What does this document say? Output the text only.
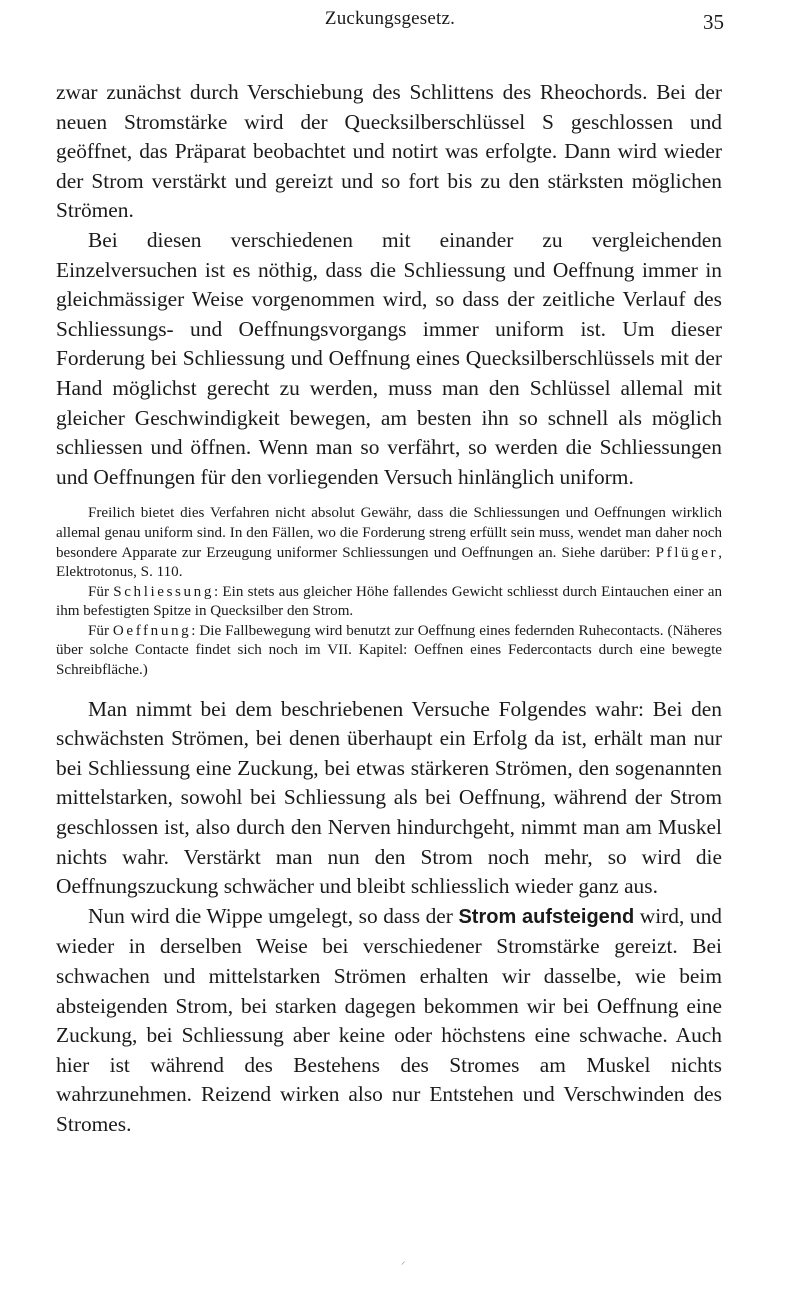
Zuckungsgesetz.	35

zwar zunächst durch Verschiebung des Schlittens des Rheochords. Bei der neuen Stromstärke wird der Quecksilberschlüssel S geschlossen und geöffnet, das Präparat beobachtet und notirt was erfolgte. Dann wird wieder der Strom verstärkt und gereizt und so fort bis zu den stärksten möglichen Strömen.

Bei diesen verschiedenen mit einander zu vergleichenden Einzelversuchen ist es nöthig, dass die Schliessung und Oeffnung immer in gleichmässiger Weise vorgenommen wird, so dass der zeitliche Verlauf des Schliessungs- und Oeffnungsvorgangs immer uniform ist. Um dieser Forderung bei Schliessung und Oeffnung eines Quecksilberschlüssels mit der Hand möglichst gerecht zu werden, muss man den Schlüssel allemal mit gleicher Geschwindigkeit bewegen, am besten ihn so schnell als möglich schliessen und öffnen. Wenn man so verfährt, so werden die Schliessungen und Oeffnungen für den vorliegenden Versuch hinlänglich uniform.

Freilich bietet dies Verfahren nicht absolut Gewähr, dass die Schliessungen und Oeffnungen wirklich allemal genau uniform sind. In den Fällen, wo die Forderung streng erfüllt sein muss, wendet man daher noch besondere Apparate zur Erzeugung uniformer Schliessungen und Oeffnungen an. Siehe darüber: Pflüger, Elektrotonus, S. 110.

Für Schliessung: Ein stets aus gleicher Höhe fallendes Gewicht schliesst durch Eintauchen einer an ihm befestigten Spitze in Quecksilber den Strom.

Für Oeffnung: Die Fallbewegung wird benutzt zur Oeffnung eines federnden Ruhecontacts. (Näheres über solche Contacte findet sich noch im VII. Kapitel: Oeffnen eines Federcontacts durch eine bewegte Schreibfläche.)

Man nimmt bei dem beschriebenen Versuche Folgendes wahr: Bei den schwächsten Strömen, bei denen überhaupt ein Erfolg da ist, erhält man nur bei Schliessung eine Zuckung, bei etwas stärkeren Strömen, den sogenannten mittelstarken, sowohl bei Schliessung als bei Oeffnung, während der Strom geschlossen ist, also durch den Nerven hindurchgeht, nimmt man am Muskel nichts wahr. Verstärkt man nun den Strom noch mehr, so wird die Oeffnungszuckung schwächer und bleibt schliesslich wieder ganz aus.

Nun wird die Wippe umgelegt, so dass der Strom aufsteigend wird, und wieder in derselben Weise bei verschiedener Stromstärke gereizt. Bei schwachen und mittelstarken Strömen erhalten wir dasselbe, wie beim absteigenden Strom, bei starken dagegen bekommen wir bei Oeffnung eine Zuckung, bei Schliessung aber keine oder höchstens eine schwache. Auch hier ist während des Bestehens des Stromes am Muskel nichts wahrzunehmen. Reizend wirken also nur Entstehen und Verschwinden des Stromes.

⸝
